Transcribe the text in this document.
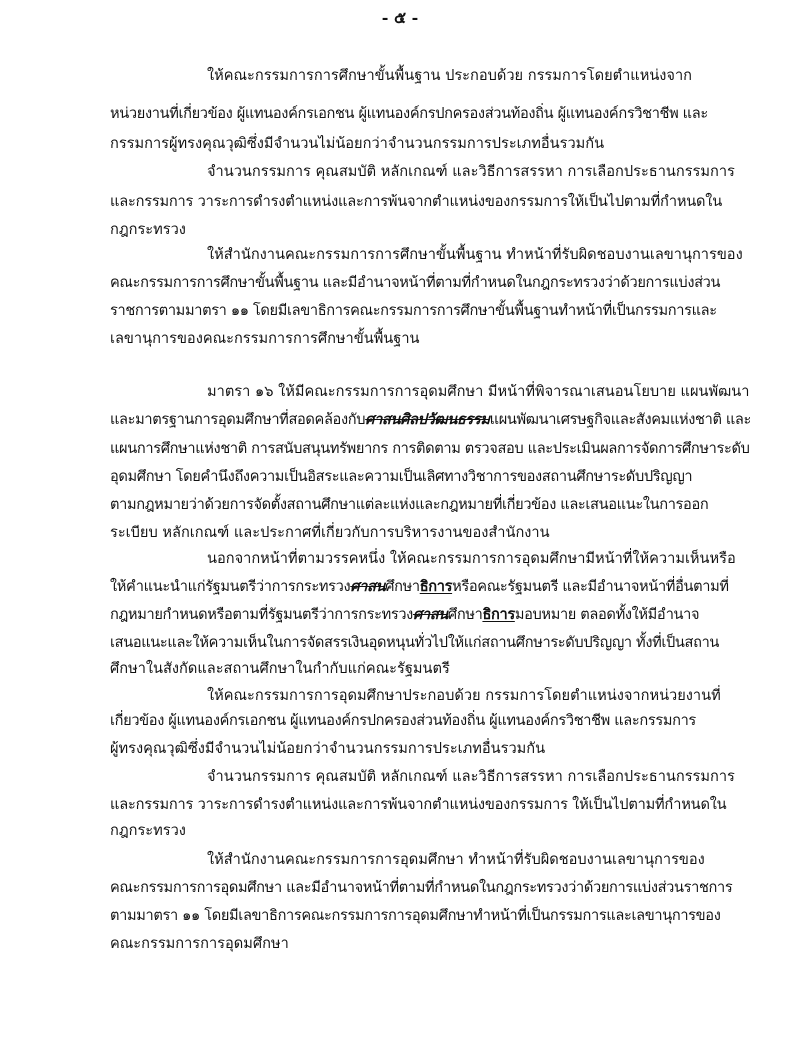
- ๕ -
ให้คณะกรรมการการศึกษาขั้นพื้นฐาน ประกอบด้วย กรรมการโดยตำแหน่งจาก
หน่วยงานที่เกี่ยวข้อง ผู้แทนองค์กรเอกชน ผู้แทนองค์กรปกครองส่วนท้องถิ่น ผู้แทนองค์กรวิชาชีพ และ
กรรมการผู้ทรงคุณวุฒิซึ่งมีจำนวนไม่น้อยกว่าจำนวนกรรมการประเภทอื่นรวมกัน
จำนวนกรรมการ คุณสมบัติ หลักเกณฑ์ และวิธีการสรรหา การเลือกประธานกรรมการ
และกรรมการ วาระการดำรงตำแหน่งและการพ้นจากตำแหน่งของกรรมการให้เป็นไปตามที่กำหนดใน
กฎกระทรวง
ให้สำนักงานคณะกรรมการการศึกษาขั้นพื้นฐาน ทำหน้าที่รับผิดชอบงานเลขานุการของ
คณะกรรมการการศึกษาขั้นพื้นฐาน และมีอำนาจหน้าที่ตามที่กำหนดในกฎกระทรวงว่าด้วยการแบ่งส่วน
ราชการตามมาตรา ๑๑ โดยมีเลขาธิการคณะกรรมการการศึกษาขั้นพื้นฐานทำหน้าที่เป็นกรรมการและ
เลขานุการของคณะกรรมการการศึกษาขั้นพื้นฐาน
มาตรา ๑๖ ให้มีคณะกรรมการการอุดมศึกษา มีหน้าที่พิจารณาเสนอนโยบาย แผนพัฒนา
และมาตรฐานการอุดมศึกษาที่สอดคล้องกับศาสนศิลปวัฒนธรรมแผนพัฒนาเศรษฐกิจและสังคมแห่งชาติ และ
แผนการศึกษาแห่งชาติ การสนับสนุนทรัพยากร การติดตาม ตรวจสอบ และประเมินผลการจัดการศึกษาระดับ
อุดมศึกษา โดยคำนึงถึงความเป็นอิสระและความเป็นเลิศทางวิชาการของสถานศึกษาระดับปริญญา
ตามกฎหมายว่าด้วยการจัดตั้งสถานศึกษาแต่ละแห่งและกฎหมายที่เกี่ยวข้อง และเสนอแนะในการออก
ระเบียบ หลักเกณฑ์ และประกาศที่เกี่ยวกับการบริหารงานของสำนักงาน
นอกจากหน้าที่ตามวรรคหนึ่ง ให้คณะกรรมการการอุดมศึกษามีหน้าที่ให้ความเห็นหรือ
ให้คำแนะนำแก่รัฐมนตรีว่าการกระทรวงศาสนศึกษาธิการหรือคณะรัฐมนตรี และมีอำนาจหน้าที่อื่นตามที่
กฎหมายกำหนดหรือตามที่รัฐมนตรีว่าการกระทรวงศาสนศึกษาธิการมอบหมาย ตลอดทั้งให้มีอำนาจ
เสนอแนะและให้ความเห็นในการจัดสรรเงินอุดหนุนทั่วไปให้แก่สถานศึกษาระดับปริญญา ทั้งที่เป็นสถาน
ศึกษาในสังกัดและสถานศึกษาในกำกับแก่คณะรัฐมนตรี
ให้คณะกรรมการการอุดมศึกษาประกอบด้วย กรรมการโดยตำแหน่งจากหน่วยงานที่
เกี่ยวข้อง ผู้แทนองค์กรเอกชน ผู้แทนองค์กรปกครองส่วนท้องถิ่น ผู้แทนองค์กรวิชาชีพ และกรรมการ
ผู้ทรงคุณวุฒิซึ่งมีจำนวนไม่น้อยกว่าจำนวนกรรมการประเภทอื่นรวมกัน
จำนวนกรรมการ คุณสมบัติ หลักเกณฑ์ และวิธีการสรรหา การเลือกประธานกรรมการ
และกรรมการ วาระการดำรงตำแหน่งและการพ้นจากตำแหน่งของกรรมการ ให้เป็นไปตามที่กำหนดใน
กฎกระทรวง
ให้สำนักงานคณะกรรมการการอุดมศึกษา ทำหน้าที่รับผิดชอบงานเลขานุการของ
คณะกรรมการการอุดมศึกษา และมีอำนาจหน้าที่ตามที่กำหนดในกฎกระทรวงว่าด้วยการแบ่งส่วนราชการ
ตามมาตรา ๑๑ โดยมีเลขาธิการคณะกรรมการการอุดมศึกษาทำหน้าที่เป็นกรรมการและเลขานุการของ
คณะกรรมการการอุดมศึกษา
